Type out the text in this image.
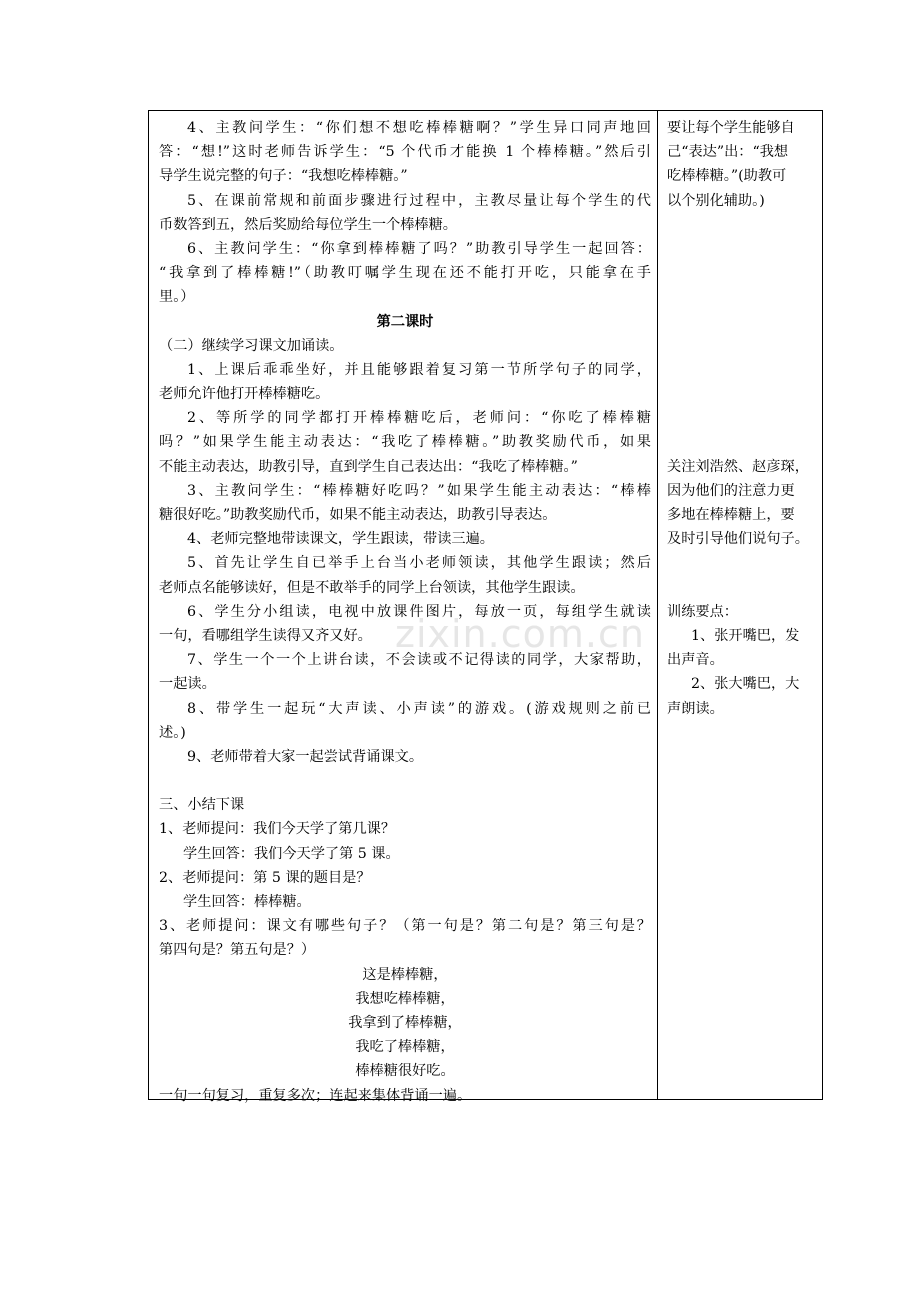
zixin.com.cn
4、主教问学生：“你们想不想吃棒棒糖啊？”学生异口同声地回
答：“想!”这时老师告诉学生：“5 个代币才能换 1 个棒棒糖。”然后引
导学生说完整的句子：“我想吃棒棒糖。”
5、在课前常规和前面步骤进行过程中，主教尽量让每个学生的代
币数答到五，然后奖励给每位学生一个棒棒糖。
6、主教问学生：“你拿到棒棒糖了吗？”助教引导学生一起回答：
“我拿到了棒棒糖!”（助教叮嘱学生现在还不能打开吃，只能拿在手
里。）
第二课时
（二）继续学习课文加诵读。
1、上课后乖乖坐好，并且能够跟着复习第一节所学句子的同学，
老师允许他打开棒棒糖吃。
2、等所学的同学都打开棒棒糖吃后，老师问：“你吃了棒棒糖
吗？”如果学生能主动表达：“我吃了棒棒糖。”助教奖励代币，如果
不能主动表达，助教引导，直到学生自己表达出：“我吃了棒棒糖。”
3、主教问学生：“棒棒糖好吃吗？”如果学生能主动表达：“棒棒
糖很好吃。”助教奖励代币，如果不能主动表达，助教引导表达。
4、老师完整地带读课文，学生跟读，带读三遍。
5、首先让学生自已举手上台当小老师领读，其他学生跟读；然后
老师点名能够读好，但是不敢举手的同学上台领读，其他学生跟读。
6、学生分小组读，电视中放课件图片，每放一页，每组学生就读
一句，看哪组学生读得又齐又好。
7、学生一个一个上讲台读，不会读或不记得读的同学，大家帮助，
一起读。
8、带学生一起玩“大声读、小声读”的游戏。(游戏规则之前已
述。)
9、老师带着大家一起尝试背诵课文。
三、小结下课
1、老师提问：我们今天学了第几课？
学生回答：我们今天学了第 5 课。
2、老师提问：第 5 课的题目是？
学生回答：棒棒糖。
3、老师提问：课文有哪些句子？（第一句是？第二句是？第三句是？
第四句是？第五句是？）
这是棒棒糖，
我想吃棒棒糖，
我拿到了棒棒糖，
我吃了棒棒糖，
棒棒糖很好吃。
一句一句复习，重复多次；连起来集体背诵一遍。
要让每个学生能够自
己“表达”出：“我想
吃棒棒糖。”(助教可
以个别化辅助。)
关注刘浩然、赵彦琛，
因为他们的注意力更
多地在棒棒糖上，要
及时引导他们说句子。
训练要点：
1、张开嘴巴，发
出声音。
2、张大嘴巴，大
声朗读。
